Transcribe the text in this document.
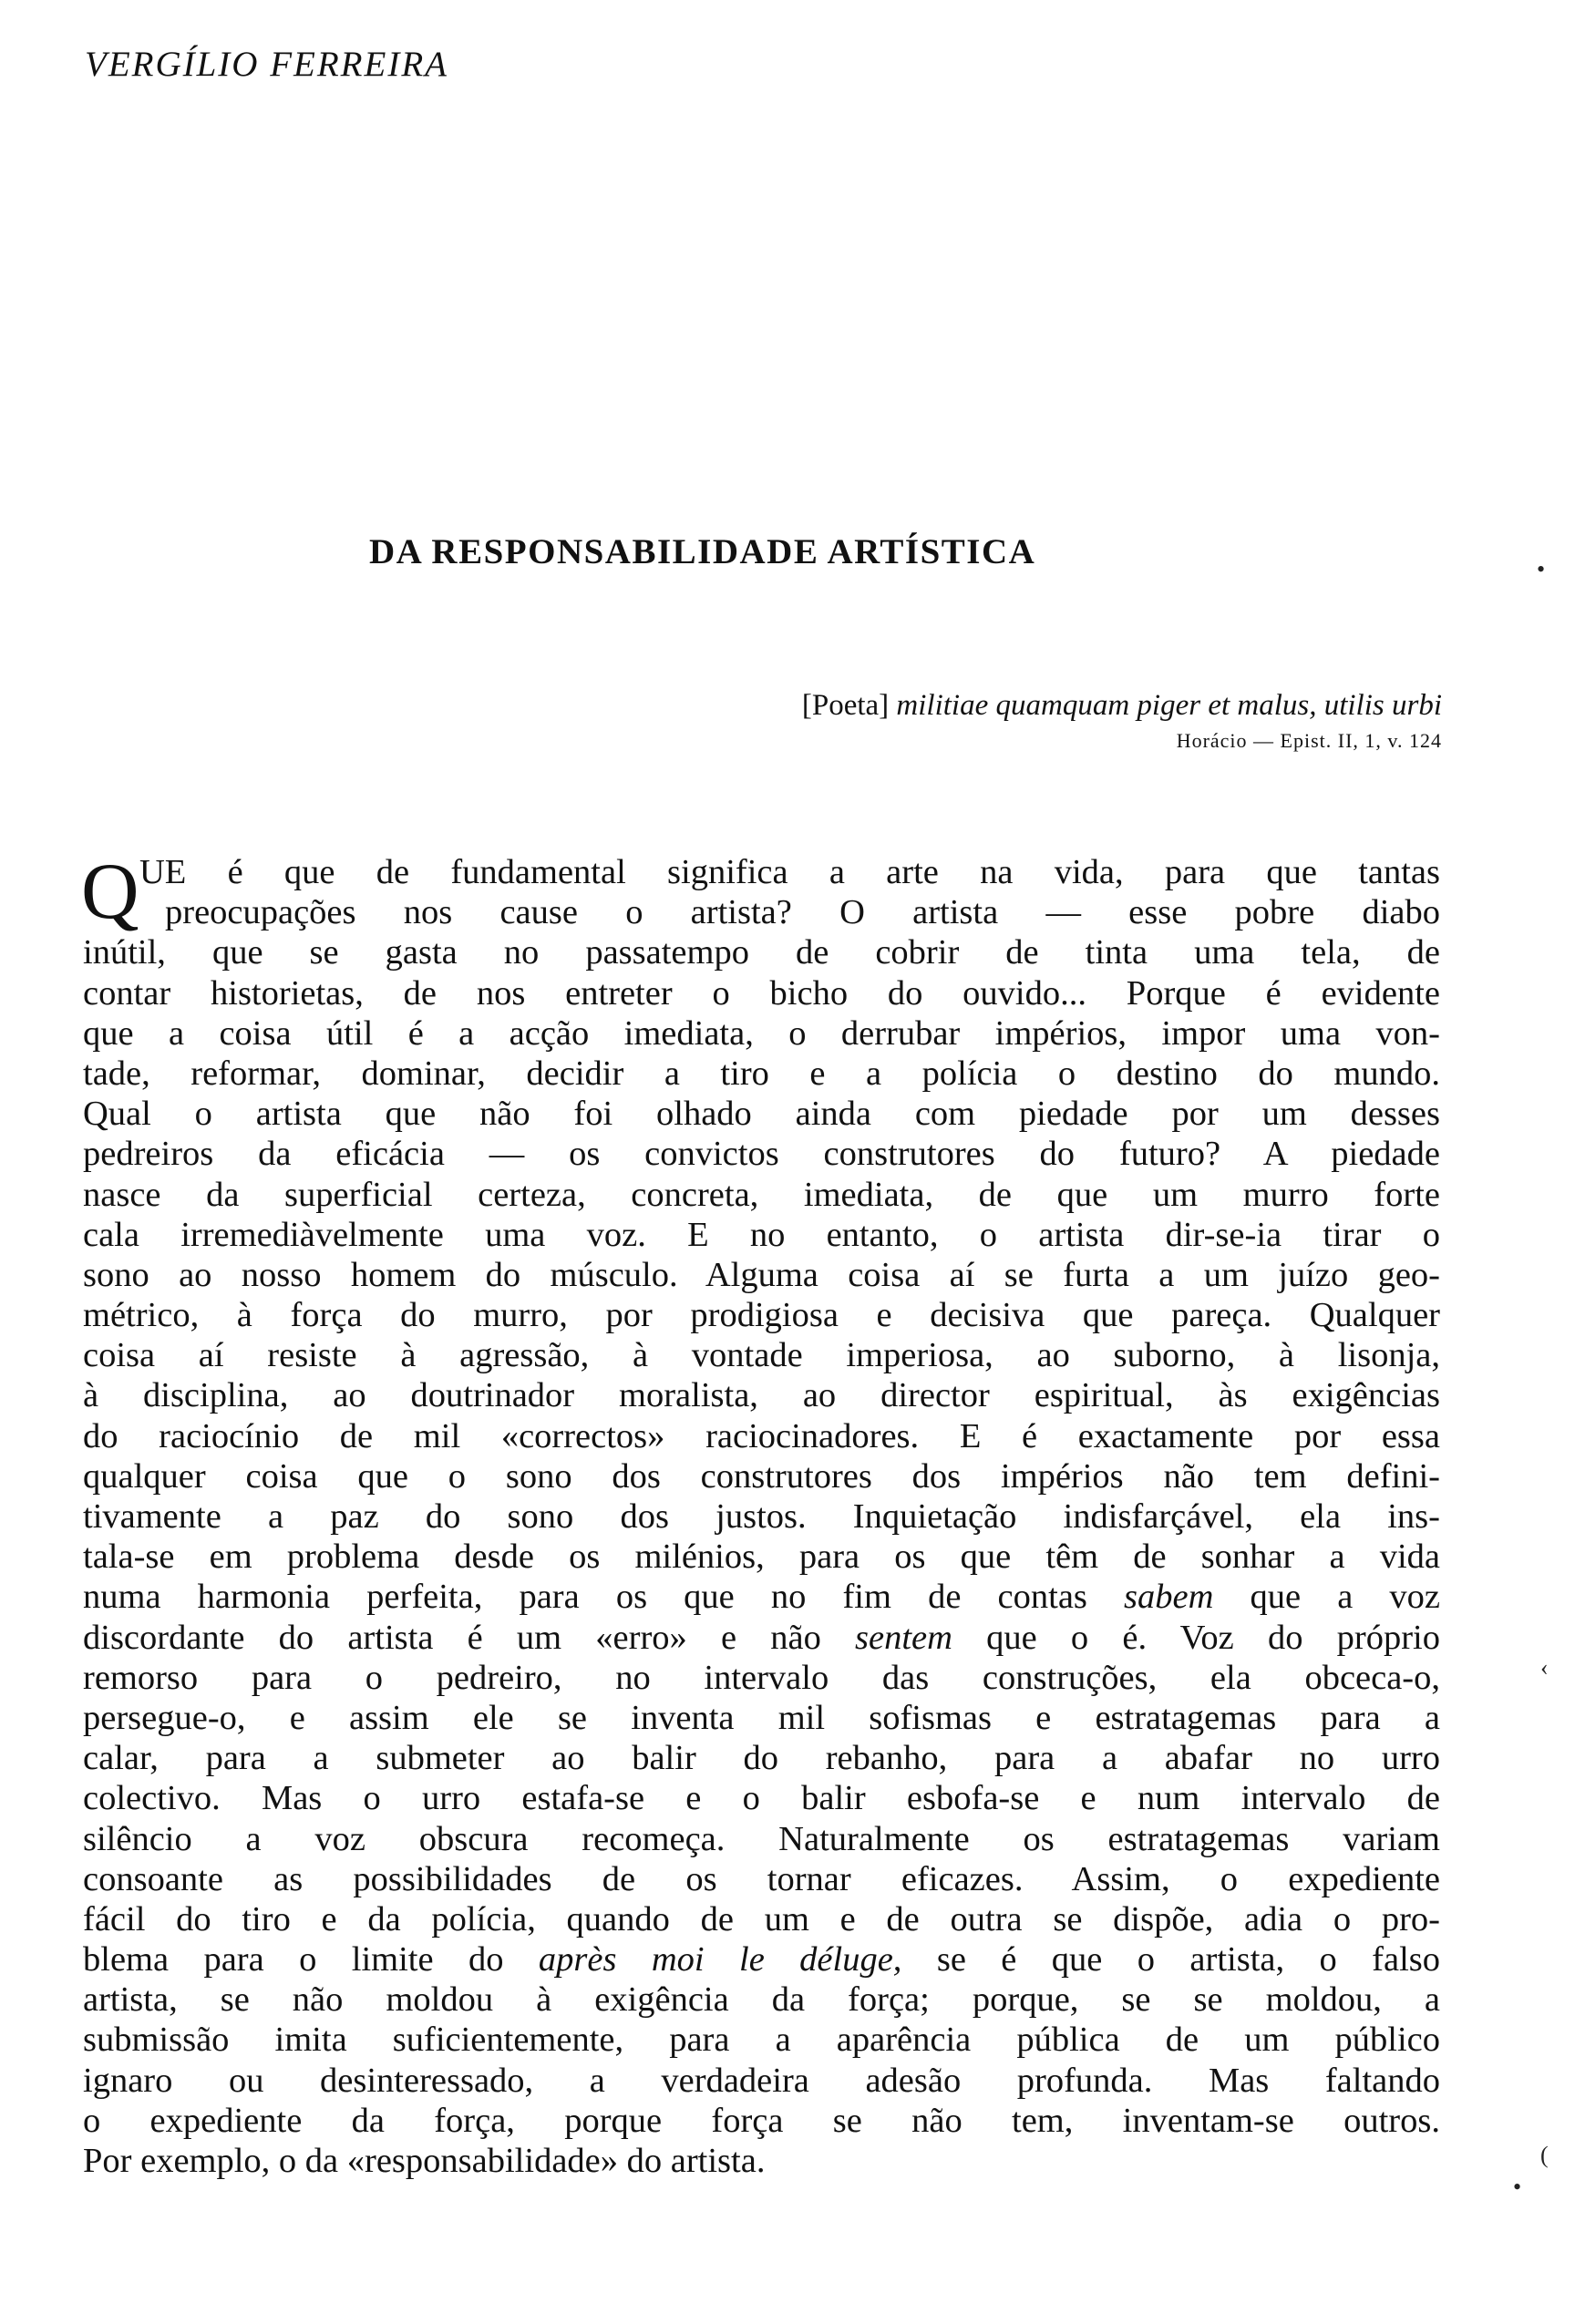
VERGÍLIO FERREIRA
DA RESPONSABILIDADE ARTÍSTICA
[Poeta] militiae quamquam piger et malus, utilis urbi
Horácio — Epist. II, 1, v. 124
Q UE é que de fundamental significa a arte na vida, para que tantas
preocupações nos cause o artista? O artista — esse pobre diabo
inútil, que se gasta no passatempo de cobrir de tinta uma tela, de
contar historietas, de nos entreter o bicho do ouvido... Porque é evidente
que a coisa útil é a acção imediata, o derrubar impérios, impor uma von-
tade, reformar, dominar, decidir a tiro e a polícia o destino do mundo.
Qual o artista que não foi olhado ainda com piedade por um desses
pedreiros da eficácia — os convictos construtores do futuro? A piedade
nasce da superficial certeza, concreta, imediata, de que um murro forte
cala irremediàvelmente uma voz. E no entanto, o artista dir-se-ia tirar o
sono ao nosso homem do músculo. Alguma coisa aí se furta a um juízo geo-
métrico, à força do murro, por prodigiosa e decisiva que pareça. Qualquer
coisa aí resiste à agressão, à vontade imperiosa, ao suborno, à lisonja,
à disciplina, ao doutrinador moralista, ao director espiritual, às exigências
do raciocínio de mil «correctos» raciocinadores. E é exactamente por essa
qualquer coisa que o sono dos construtores dos impérios não tem defini-
tivamente a paz do sono dos justos. Inquietação indisfarçável, ela ins-
tala-se em problema desde os milénios, para os que têm de sonhar a vida
numa harmonia perfeita, para os que no fim de contas sabem que a voz
discordante do artista é um «erro» e não sentem que o é. Voz do próprio
remorso para o pedreiro, no intervalo das construções, ela obceca-o,
persegue-o, e assim ele se inventa mil sofismas e estratagemas para a
calar, para a submeter ao balir do rebanho, para a abafar no urro
colectivo. Mas o urro estafa-se e o balir esbofa-se e num intervalo de
silêncio a voz obscura recomeça. Naturalmente os estratagemas variam
consoante as possibilidades de os tornar eficazes. Assim, o expediente
fácil do tiro e da polícia, quando de um e de outra se dispõe, adia o pro-
blema para o limite do après moi le déluge, se é que o artista, o falso
artista, se não moldou à exigência da força; porque, se se moldou, a
submissão imita suficientemente, para a aparência pública de um público
ignaro ou desinteressado, a verdadeira adesão profunda. Mas faltando
o expediente da força, porque força se não tem, inventam-se outros.
Por exemplo, o da «responsabilidade» do artista.
•
‹
(
•
